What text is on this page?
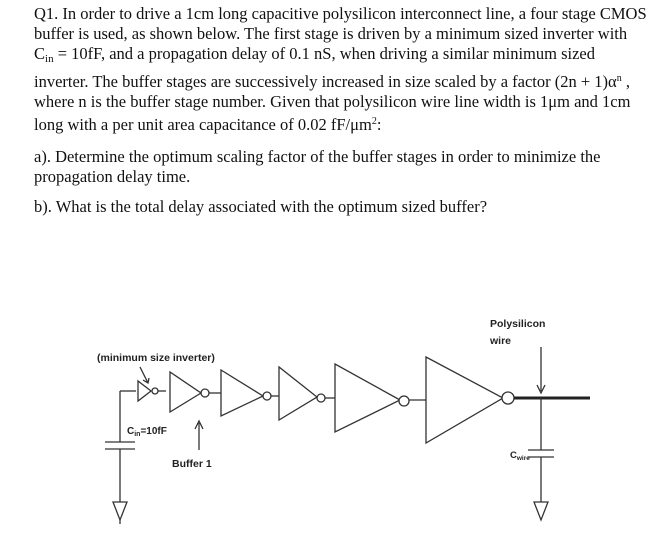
Q1. In order to drive a 1cm long capacitive polysilicon interconnect line, a four stage CMOS buffer is used, as shown below. The first stage is driven by a minimum sized inverter with $C_{in} = 10fF$, and a propagation delay of 0.1 nS, when driving a similar minimum sized inverter. The buffer stages are successively increased in size scaled by a factor $(2n + 1)\alpha^n$ , where n is the buffer stage number. Given that polysilicon wire line width is 1μm and 1cm long with a per unit area capacitance of 0.02 $fF/\mu m^2$:

a). Determine the optimum scaling factor of the buffer stages in order to minimize the propagation delay time.

b). What is the total delay associated with the optimum sized buffer?

Polysilicon
wire
(minimum size inverter)
$C_{in}=10fF$
Buffer 1
$C_{wire}$
